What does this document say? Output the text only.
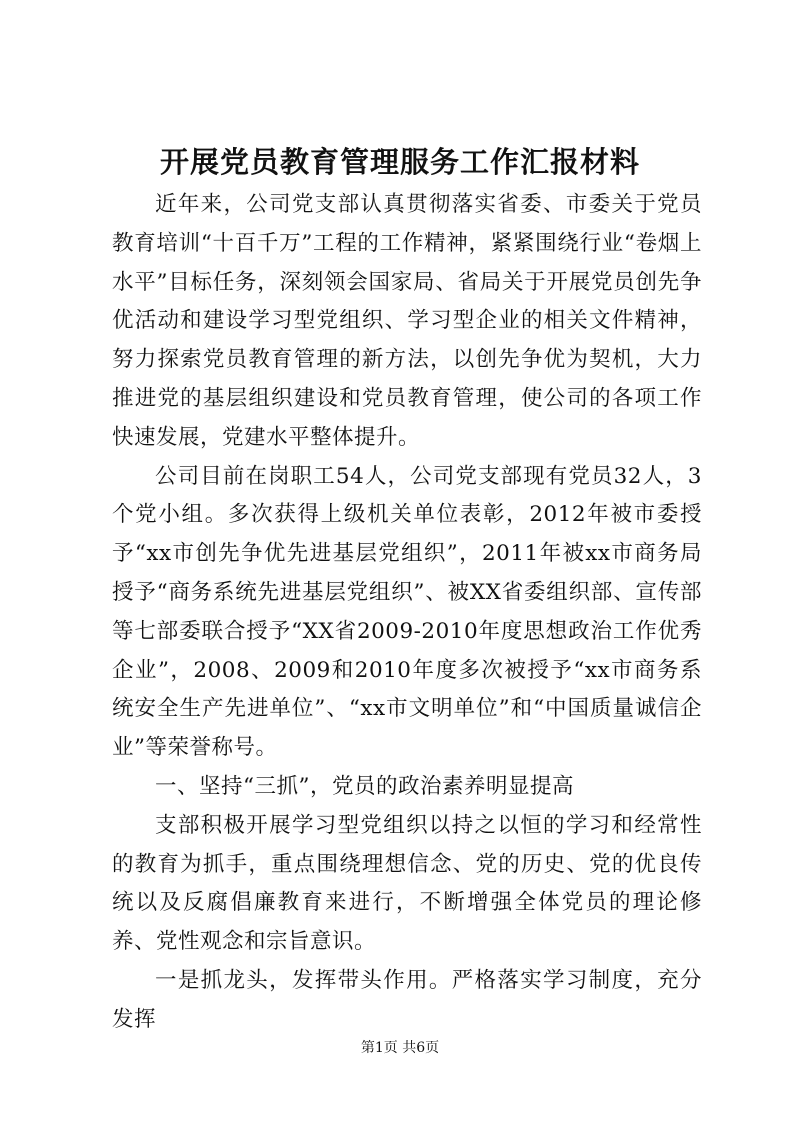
开展党员教育管理服务工作汇报材料

近年来，公司党支部认真贯彻落实省委、市委关于党员教育培训“十百千万”工程的工作精神，紧紧围绕行业“卷烟上水平”目标任务，深刻领会国家局、省局关于开展党员创先争优活动和建设学习型党组织、学习型企业的相关文件精神，努力探索党员教育管理的新方法，以创先争优为契机，大力推进党的基层组织建设和党员教育管理，使公司的各项工作快速发展，党建水平整体提升。

公司目前在岗职工54人，公司党支部现有党员32人，3个党小组。多次获得上级机关单位表彰，2012年被市委授予“xx市创先争优先进基层党组织”，2011年被xx市商务局授予“商务系统先进基层党组织”、被XX省委组织部、宣传部等七部委联合授予“XX省2009-2010年度思想政治工作优秀企业”，2008、2009和2010年度多次被授予“xx市商务系统安全生产先进单位”、“xx市文明单位”和“中国质量诚信企业”等荣誉称号。

一、坚持“三抓”，党员的政治素养明显提高

支部积极开展学习型党组织以持之以恒的学习和经常性的教育为抓手，重点围绕理想信念、党的历史、党的优良传统以及反腐倡廉教育来进行，不断增强全体党员的理论修养、党性观念和宗旨意识。

一是抓龙头，发挥带头作用。严格落实学习制度，充分发挥

第1页 共6页
